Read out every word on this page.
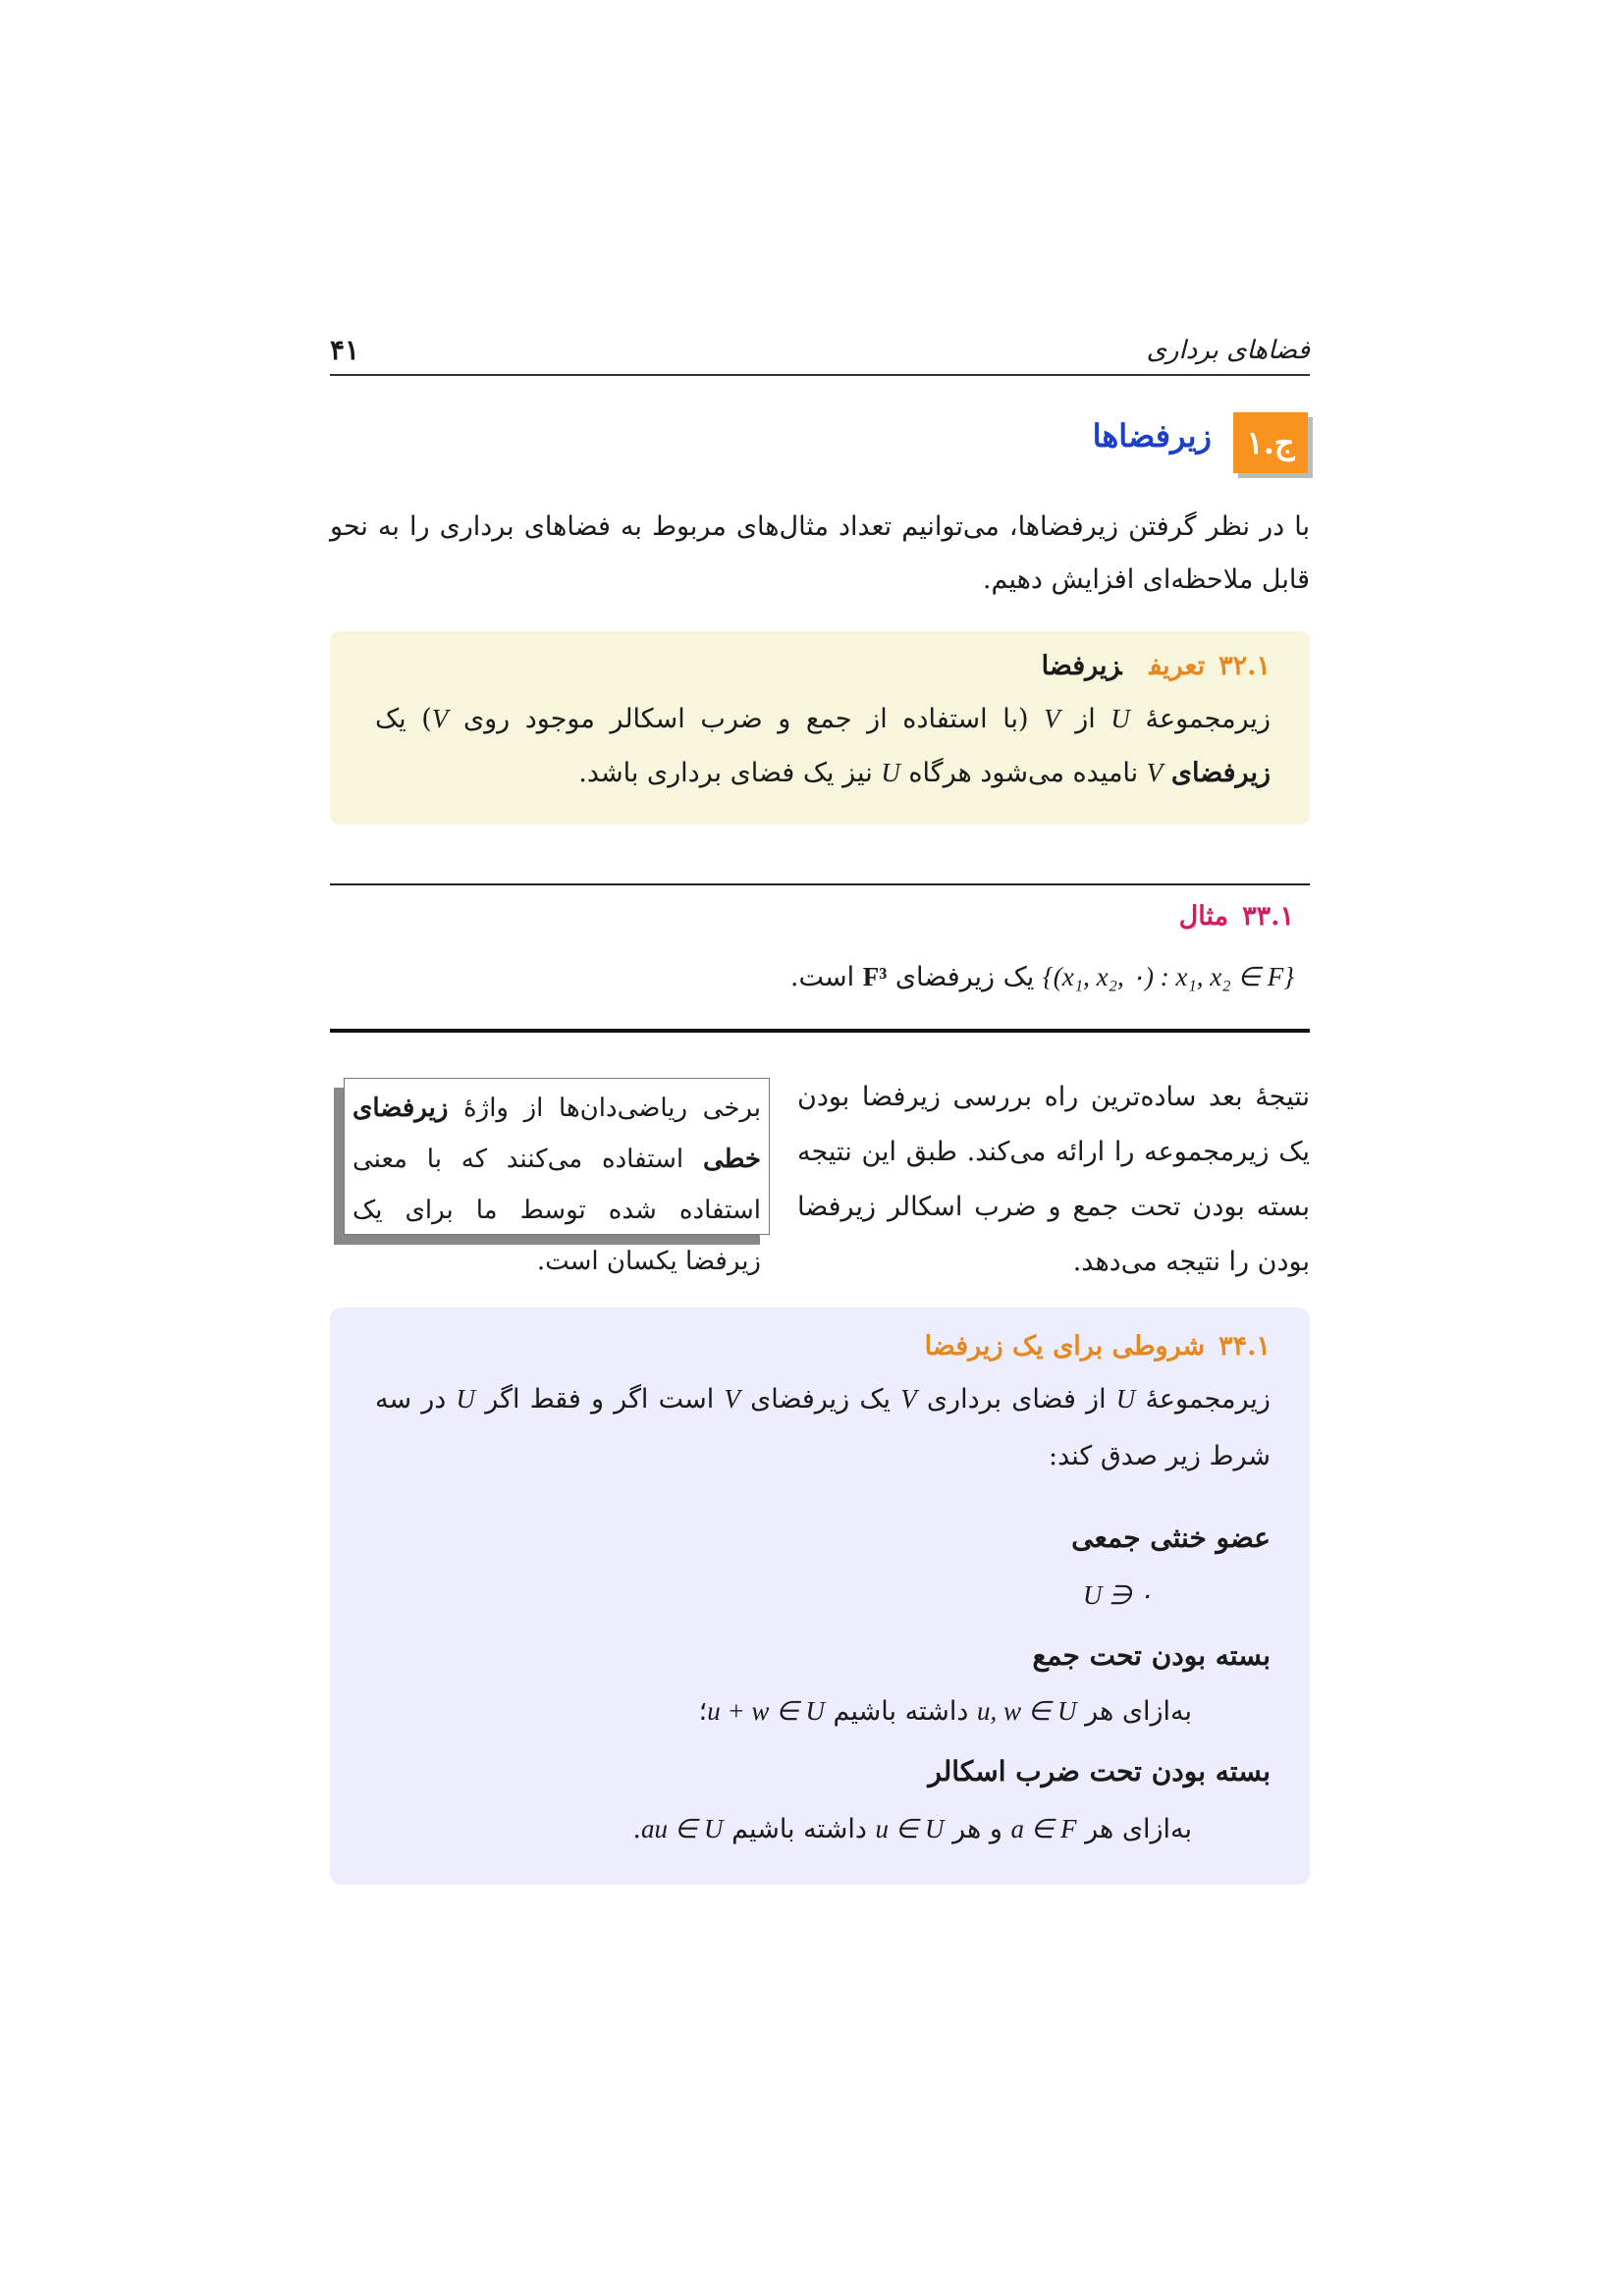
فضاهای برداری
۴۱
۱.ج
زیرفضاها

با در نظر گرفتن زیرفضاها، می‌توانیم تعداد مثال‌های مربوط به فضاهای برداری را به نحو قابل ملاحظه‌ای افزایش دهیم.

۳۲.۱تعریفزیرفضا
زیرمجموعهٔ U از V (با استفاده از جمع و ضرب اسکالر موجود روی V) یک زیرفضای V نامیده می‌شود هرگاه U نیز یک فضای برداری باشد.
۳۳.۱مثال
{(x₁, x₂, ۰) : x₁, x₂ ∈ F} یک زیرفضای F³ است.

نتیجهٔ بعد ساده‌ترین راه بررسی زیرفضا بودن یک زیرمجموعه را ارائه می‌کند. طبق این نتیجه بسته بودن تحت جمع و ضرب اسکالر زیرفضا بودن را نتیجه می‌دهد.

برخی ریاضی‌دان‌ها از واژهٔ زیرفضای خطی استفاده می‌کنند که با معنی استفاده شده توسط ما برای یک زیرفضا یکسان است.
۳۴.۱شروطی برای یک زیرفضا
زیرمجموعهٔ U از فضای برداری V یک زیرفضای V است اگر و فقط اگر U در سه شرط زیر صدق کند:
عضو خنثی جمعی
۰ ∈ U
بسته بودن تحت جمع
به‌ازای هر u, w ∈ U داشته باشیم u + w ∈ U؛
بسته بودن تحت ضرب اسکالر
به‌ازای هر a ∈ F و هر u ∈ U داشته باشیم au ∈ U.
